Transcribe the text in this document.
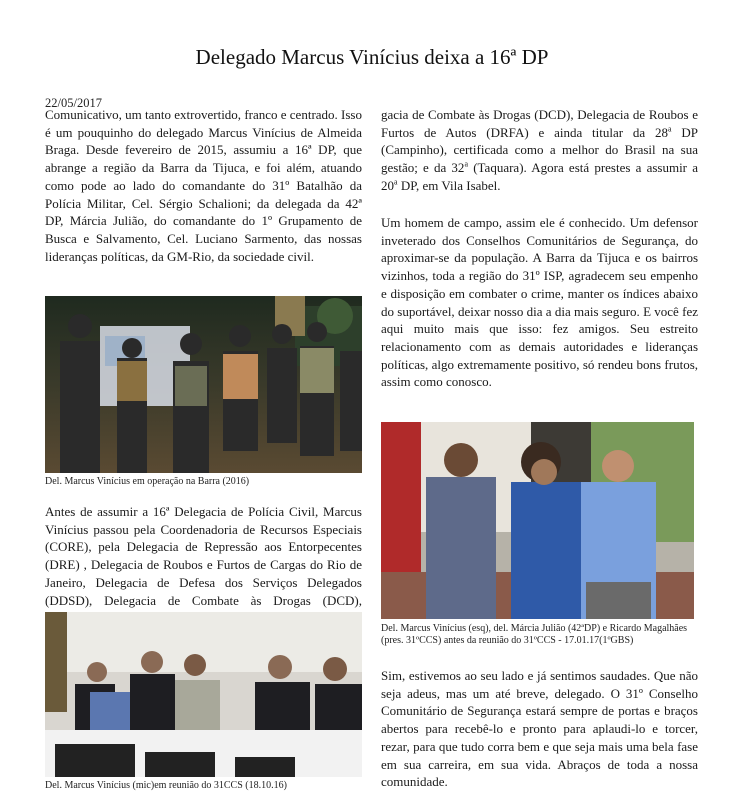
Delegado Marcus Vinícius deixa a 16ª DP
22/05/2017

Comunicativo, um tanto extrovertido, franco e centrado. Isso é um pouquinho do delegado Marcus Vinícius de Almeida Braga. Desde fevereiro de 2015, assumiu a 16ª DP, que abrange a região da Barra da Tijuca, e foi além, atuando como pode ao lado do comandante do 31º Batalhão da Polícia Militar, Cel. Sérgio Schalioni; da delegada da 42ª DP, Márcia Julião, do comandante do 1º Grupamento de Busca e Salvamento, Cel. Luciano Sarmento, das nossas lideranças políticas, da GM-Rio, da sociedade civil.

Del. Marcus Vinícius em operação na Barra (2016)

Antes de assumir a 16ª Delegacia de Polícia Civil, Marcus Vinícius passou pela Coordenadoria de Recursos Especiais (CORE), pela Delegacia de Repressão aos Entorpecentes (DRE) , Delegacia de Roubos e Furtos de Cargas do Rio de Janeiro, Delegacia de Defesa dos Serviços Delegados (DDSD), Delegacia de Combate às Drogas (DCD),

Del. Marcus Vinícius (mic)em reunião do 31CCS (18.10.16)

gacia de Combate às Drogas (DCD), Delegacia de Roubos e Furtos de Autos (DRFA) e ainda titular da 28$^a$ DP (Campinho), certificada como a melhor do Brasil na sua gestão; e da 32$^a$ (Taquara). Agora está prestes a assumir a 20$^a$ DP, em Vila Isabel.

Um homem de campo, assim ele é conhecido. Um defensor inveterado dos Conselhos Comunitários de Segurança, do aproximar-se da população. A Barra da Tijuca e os bairros vizinhos, toda a região do 31º ISP, agradecem seu empenho e disposição em combater o crime, manter os índices abaixo do suportável, deixar nosso dia a dia mais seguro. E você fez aqui muito mais que isso: fez amigos. Seu estreito relacionamento com as demais autoridades e lideranças políticas, algo extremamente positivo, só rendeu bons frutos, assim como conosco.

Del. Marcus Vinícius (esq), del. Márcia Julião (42ªDP) e Ricardo Magalhães (pres. 31ºCCS) antes da reunião do 31ºCCS - 17.01.17(1ºGBS)

Sim, estivemos ao seu lado e já sentimos saudades. Que não seja adeus, mas um até breve, delegado. O 31º Conselho Comunitário de Segurança estará sempre de portas e braços abertos para recebê-lo e pronto para aplaudi-lo e torcer, rezar, para que tudo corra bem e que seja mais uma bela fase em sua carreira, em sua vida. Abraços de toda a nossa comunidade.
